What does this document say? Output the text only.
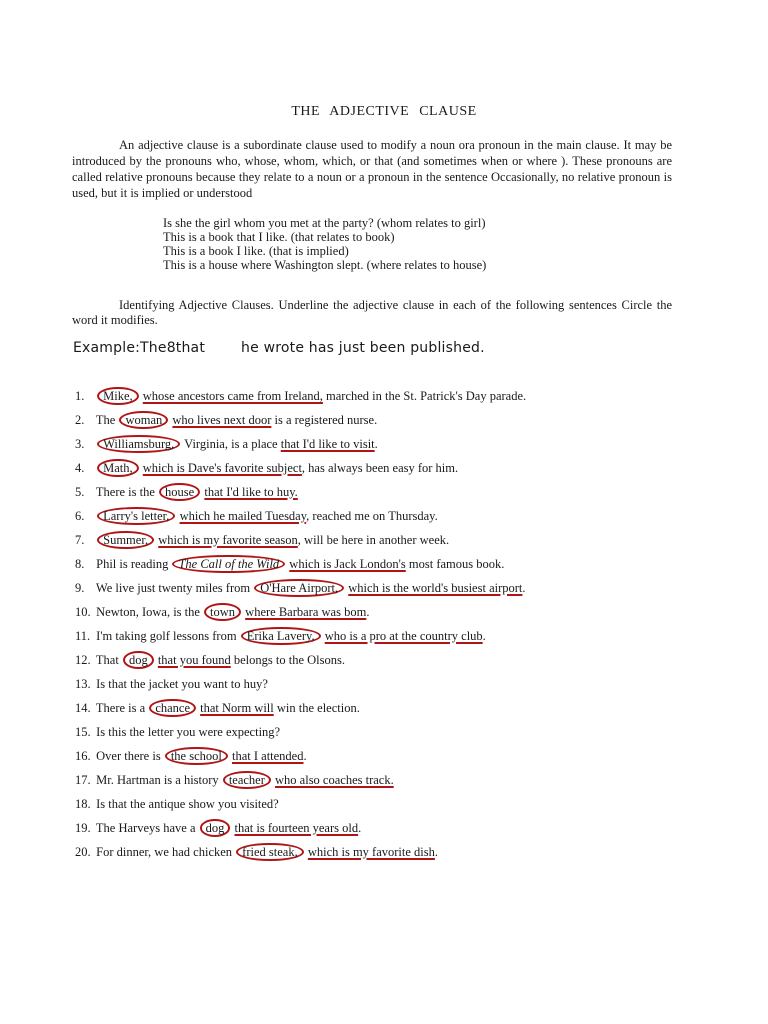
THE ADJECTIVE CLAUSE
An adjective clause is a subordinate clause used to modify a noun ora pronoun in the main clause. It may be introduced by the pronouns who, whose, whom, which, or that (and sometimes when or where ). These pronouns are called relative pronouns because they relate to a noun or a pronoun in the sentence Occasionally, no relative pronoun is used, but it is implied or understood
Is she the girl whom you met at the party? (whom relates to girl)
This is a book that I like. (that relates to book)
This is a book I like. (that is implied)
This is a house where Washington slept. (where relates to house)
Identifying Adjective Clauses. Underline the adjective clause in each of the following sentences Circle the word it modifies.
Example:The8that	he wrote has just been published.
1. Mike, whose ancestors came from Ireland, marched in the St. Patrick's Day parade.
2. The woman who lives next door is a registered nurse.
3. Williamsburg, Virginia, is a place that I'd like to visit.
4. Math, which is Dave's favorite subject, has always been easy for him.
5. There is the house that I'd like to huy.
6. Larry's letter, which he mailed Tuesday, reached me on Thursday.
7. Summer, which is my favorite season, will be here in another week.
8. Phil is reading The Call of the Wild which is Jack London's most famous book.
9. We live just twenty miles from O'Hare Airport, which is the world's busiest airport.
10. Newton, Iowa, is the town where Barbara was bom.
11. I'm taking golf lessons from Erika Lavery, who is a pro at the country club.
12. That dog that you found belongs to the Olsons.
13. Is that the jacket you want to huy?
14. There is a chance that Norm will win the election.
15. Is this the letter you were expecting?
16. Over there is the school that I attended.
17. Mr. Hartman is a history teacher who also coaches track.
18. Is that the antique show you visited?
19. The Harveys have a dog that is fourteen years old.
20. For dinner, we had chicken fried steak, which is my favorite dish.
